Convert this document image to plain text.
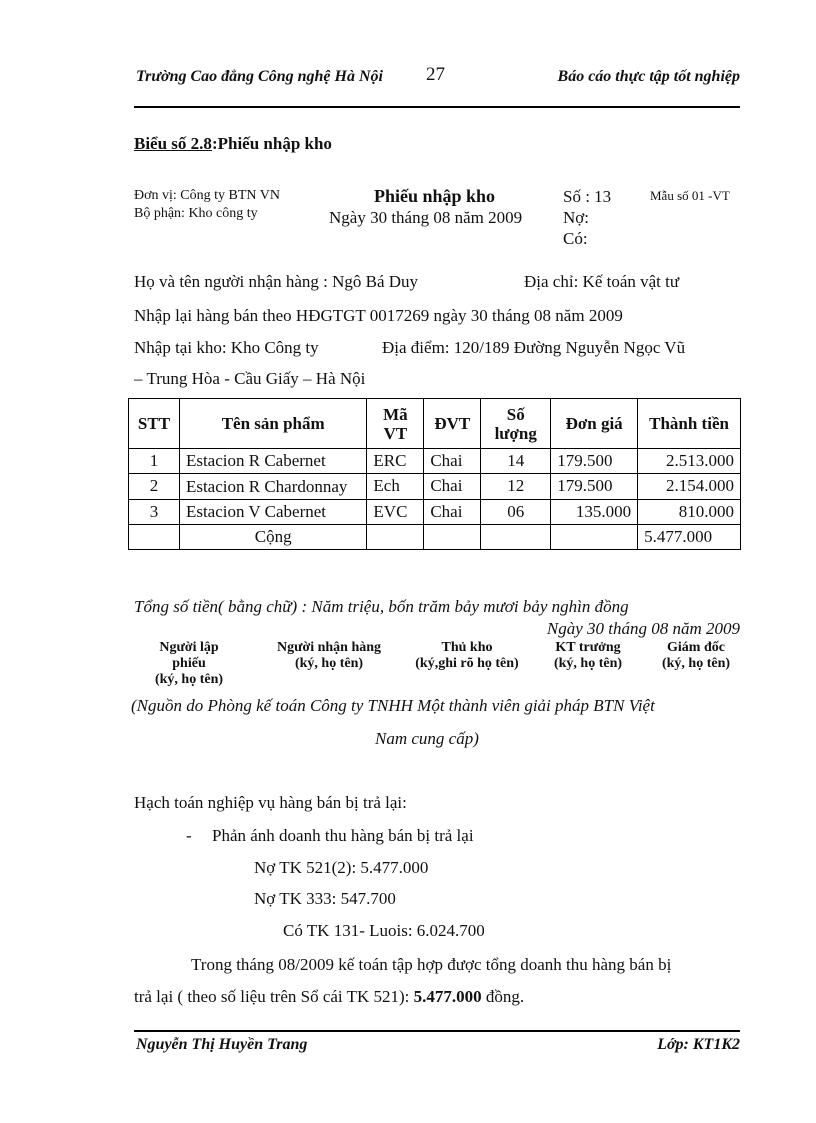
Trường Cao đẳng Công nghệ Hà Nội 27	Báo cáo thực tập tốt nghiệp
Biểu số 2.8:Phiếu nhập kho
Đơn vị: Công ty BTN VN
Bộ phận: Kho công ty
Phiếu nhập kho
Ngày 30 tháng 08 năm 2009
Số : 13
Nợ:
Có:
Mẫu số 01 -VT
Họ và tên người nhận hàng : Ngô Bá Duy	Địa chỉ: Kế toán vật tư
Nhập lại hàng bán theo HĐGTGT 0017269 ngày 30 tháng 08 năm 2009
Nhập tại kho: Kho Công ty	Địa điểm: 120/189 Đường Nguyễn Ngọc Vũ
– Trung Hòa - Cầu Giấy – Hà Nội
STT	Tên sản phẩm	Mã VT	ĐVT	Số lượng	Đơn giá	Thành tiền
1	Estacion R Cabernet	ERC	Chai	14	179.500	2.513.000
2	Estacion R Chardonnay	Ech	Chai	12	179.500	2.154.000
3	Estacion V Cabernet	EVC	Chai	06	135.000	810.000
	Cộng					5.477.000
Tổng số tiền( bằng chữ) : Năm triệu, bốn trăm bảy mươi bảy nghìn đồng
Ngày 30 tháng 08 năm 2009
Người lập phiếu
(ký, họ tên)
Người nhận hàng
(ký, họ tên)
Thủ kho
(ký,ghi rõ họ tên)
KT trưởng
(ký, họ tên)
Giám đốc
(ký, họ tên)
(Nguồn do Phòng kế toán Công ty TNHH Một thành viên giải pháp BTN Việt
Nam cung cấp)
Hạch toán nghiệp vụ hàng bán bị trả lại:
- Phản ánh doanh thu hàng bán bị trả lại
Nợ TK 521(2): 5.477.000
Nợ TK 333: 547.700
Có TK 131- Luois: 6.024.700
Trong tháng 08/2009 kế toán tập hợp được tổng doanh thu hàng bán bị
trả lại ( theo số liệu trên Sổ cái TK 521): 5.477.000 đồng.
Nguyễn Thị Huyền Trang	Lớp: KT1K2
